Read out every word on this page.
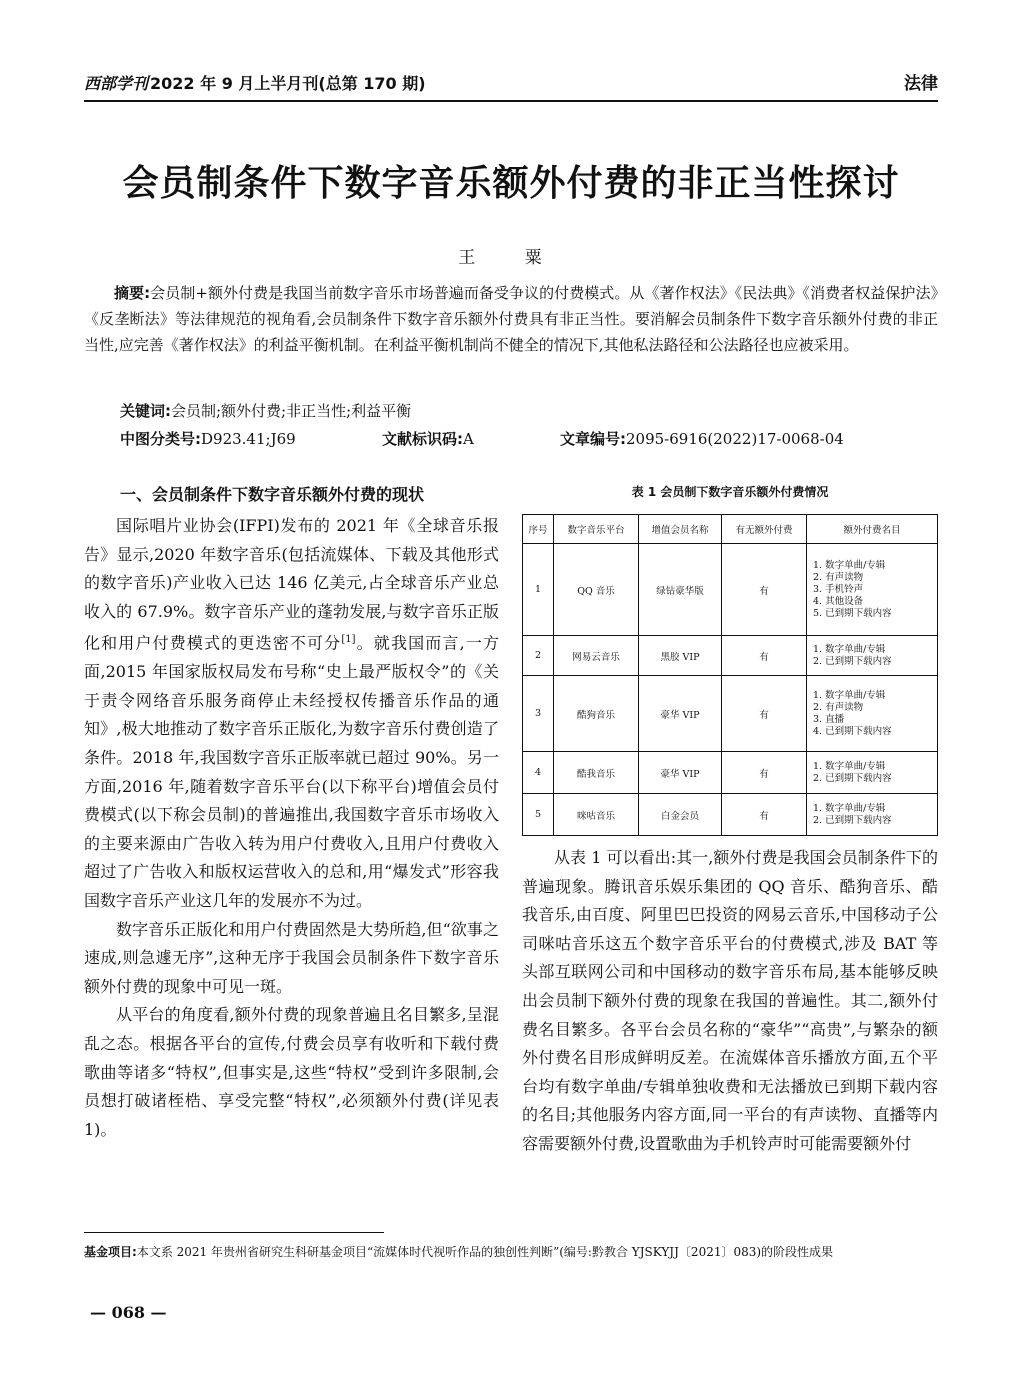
西部学刊 2022 年 9 月上半月刊(总第 170 期)	法律
会员制条件下数字音乐额外付费的非正当性探讨
王 粟
摘要:会员制+额外付费是我国当前数字音乐市场普遍而备受争议的付费模式。从《著作权法》《民法典》《消费者权益保护法》《反垄断法》等法律规范的视角看,会员制条件下数字音乐额外付费具有非正当性。要消解会员制条件下数字音乐额外付费的非正当性,应完善《著作权法》的利益平衡机制。在利益平衡机制尚不健全的情况下,其他私法路径和公法路径也应被采用。
关键词:会员制;额外付费;非正当性;利益平衡
中图分类号:D923.41;J69	文献标识码:A	文章编号:2095-6916(2022)17-0068-04
一、会员制条件下数字音乐额外付费的现状

国际唱片业协会(IFPI)发布的 2021 年《全球音乐报告》显示,2020 年数字音乐(包括流媒体、下载及其他形式的数字音乐)产业收入已达 146 亿美元,占全球音乐产业总收入的 67.9%。数字音乐产业的蓬勃发展,与数字音乐正版化和用户付费模式的更迭密不可分[1]。就我国而言,一方面,2015 年国家版权局发布号称“史上最严版权令”的《关于责令网络音乐服务商停止未经授权传播音乐作品的通知》,极大地推动了数字音乐正版化,为数字音乐付费创造了条件。2018 年,我国数字音乐正版率就已超过 90%。另一方面,2016 年,随着数字音乐平台(以下称平台)增值会员付费模式(以下称会员制)的普遍推出,我国数字音乐市场收入的主要来源由广告收入转为用户付费收入,且用户付费收入超过了广告收入和版权运营收入的总和,用“爆发式”形容我国数字音乐产业这几年的发展亦不为过。

数字音乐正版化和用户付费固然是大势所趋,但“欲事之速成,则急遽无序”,这种无序于我国会员制条件下数字音乐额外付费的现象中可见一斑。

从平台的角度看,额外付费的现象普遍且名目繁多,呈混乱之态。根据各平台的宣传,付费会员享有收听和下载付费歌曲等诸多“特权”,但事实是,这些“特权”受到许多限制,会员想打破诸桎梏、享受完整“特权”,必须额外付费(详见表 1)。

表 1 会员制下数字音乐额外付费情况
序号	数字音乐平台	增值会员名称	有无额外付费	额外付费名目
1	QQ 音乐	绿钻豪华版	有	1. 数字单曲/专辑
2. 有声读物
3. 手机铃声
4. 其他设备
5. 已到期下载内容

2	网易云音乐	黑胶 VIP	有	1. 数字单曲/专辑
2. 已到期下载内容

3	酷狗音乐	豪华 VIP	有	1. 数字单曲/专辑
2. 有声读物
3. 直播
4. 已到期下载内容

4	酷我音乐	豪华 VIP	有	1. 数字单曲/专辑
2. 已到期下载内容

5	咪咕音乐	白金会员	有	1. 数字单曲/专辑
2. 已到期下载内容

从表 1 可以看出:其一,额外付费是我国会员制条件下的普遍现象。腾讯音乐娱乐集团的 QQ 音乐、酷狗音乐、酷我音乐,由百度、阿里巴巴投资的网易云音乐,中国移动子公司咪咕音乐这五个数字音乐平台的付费模式,涉及 BAT 等头部互联网公司和中国移动的数字音乐布局,基本能够反映出会员制下额外付费的现象在我国的普遍性。其二,额外付费名目繁多。各平台会员名称的“豪华”“高贵”,与繁杂的额外付费名目形成鲜明反差。在流媒体音乐播放方面,五个平台均有数字单曲/专辑单独收费和无法播放已到期下载内容的名目;其他服务内容方面,同一平台的有声读物、直播等内容需要额外付费,设置歌曲为手机铃声时可能需要额外付

基金项目:本文系 2021 年贵州省研究生科研基金项目“流媒体时代视听作品的独创性判断”(编号:黔教合 YJSKYJJ〔2021〕083)的阶段性成果
— 068 —
